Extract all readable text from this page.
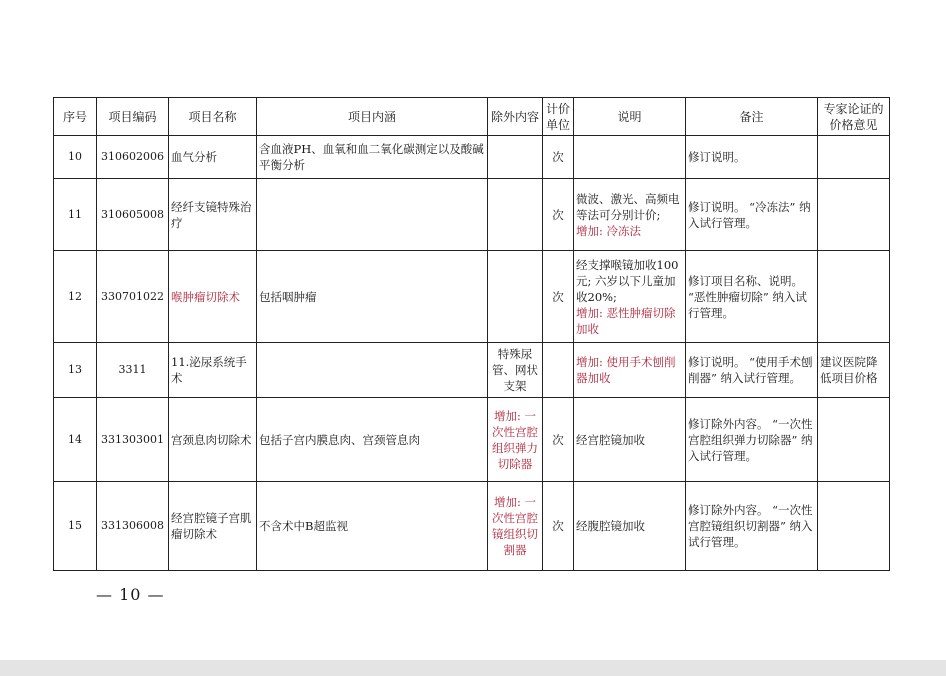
序号	项目编码	项目名称	项目内涵	除外内容	计价单位	说明	备注	专家论证的价格意见
10	310602006	血气分析	含血液PH、血氧和血二氧化碳测定以及酸碱平衡分析		次		修订说明。	
11	310605008	经纤支镜特殊治疗			次	微波、激光、高频电等法可分别计价;
增加: 冷冻法	修订说明。 “冷冻法” 纳入试行管理。	
12	330701022	喉肿瘤切除术	包括咽肿瘤		次	经支撑喉镜加收100元; 六岁以下儿童加收20%;
增加: 恶性肿瘤切除加收	修订项目名称、说明。 “恶性肿瘤切除” 纳入试行管理。	
13	3311	11.泌尿系统手术		特殊尿管、网状支架		增加: 使用手术刨削器加收	修订说明。 “使用手术刨削器” 纳入试行管理。	建议医院降低项目价格
14	331303001	宫颈息肉切除术	包括子宫内膜息肉、宫颈管息肉	增加: 一次性宫腔组织弹力切除器	次	经宫腔镜加收	修订除外内容。 “一次性宫腔组织弹力切除器” 纳入试行管理。	
15	331306008	经宫腔镜子宫肌瘤切除术	不含术中B超监视	增加: 一次性宫腔镜组织切割器	次	经腹腔镜加收	修订除外内容。 “一次性宫腔镜组织切割器” 纳入试行管理。	
— 10 —
